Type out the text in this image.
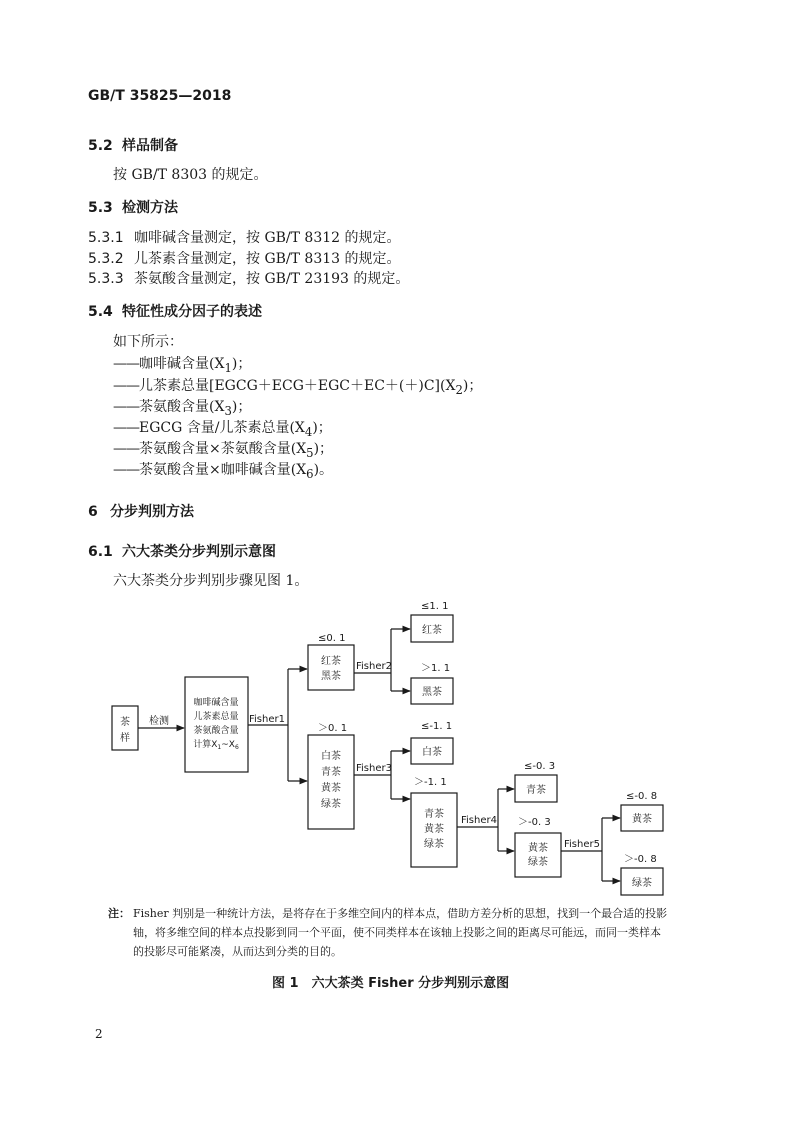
GB/T 35825—2018
5.2 样品制备
按 GB/T 8303 的规定。
5.3 检测方法
5.3.1 咖啡碱含量测定，按 GB/T 8312 的规定。
5.3.2 儿茶素含量测定，按 GB/T 8313 的规定。
5.3.3 茶氨酸含量测定，按 GB/T 23193 的规定。
5.4 特征性成分因子的表述
如下所示：
——咖啡碱含量$(X_1)$；
——儿茶素总量$[EGCG+ECG+EGC+EC+(+)C](X_2)$；
——茶氨酸含量$(X_3)$；
——EGCG 含量/儿茶素总量$(X_4)$；
——茶氨酸含量×茶氨酸含量$(X_5)$；
——茶氨酸含量×咖啡碱含量$(X_6)$。
6 分步判别方法
6.1 六大茶类分步判别示意图
六大茶类分步判别步骤见图 1。
茶
样
检测
咖啡碱含量
儿茶素总量
茶氨酸含量
计算$X_1\sim X_6$
Fisher1
≤0. 1
＞0. 1
红茶
黑茶
Fisher2
≤1. 1
＞1. 1
红茶
黑茶
白茶
青茶
黄茶
绿茶
Fisher3
≤-1. 1
＞-1. 1
白茶
青茶
黄茶
绿茶
Fisher4
≤-0. 3
＞-0. 3
青茶
黄茶
绿茶
Fisher5
≤-0. 8
＞-0. 8
黄茶
绿茶
注： Fisher 判别是一种统计方法，是将存在于多维空间内的样本点，借助方差分析的思想，找到一个最合适的投影
轴，将多维空间的样本点投影到同一个平面，使不同类样本在该轴上投影之间的距离尽可能远，而同一类样本
的投影尽可能紧凑，从而达到分类的目的。
图 1　六大茶类 Fisher 分步判别示意图
2
